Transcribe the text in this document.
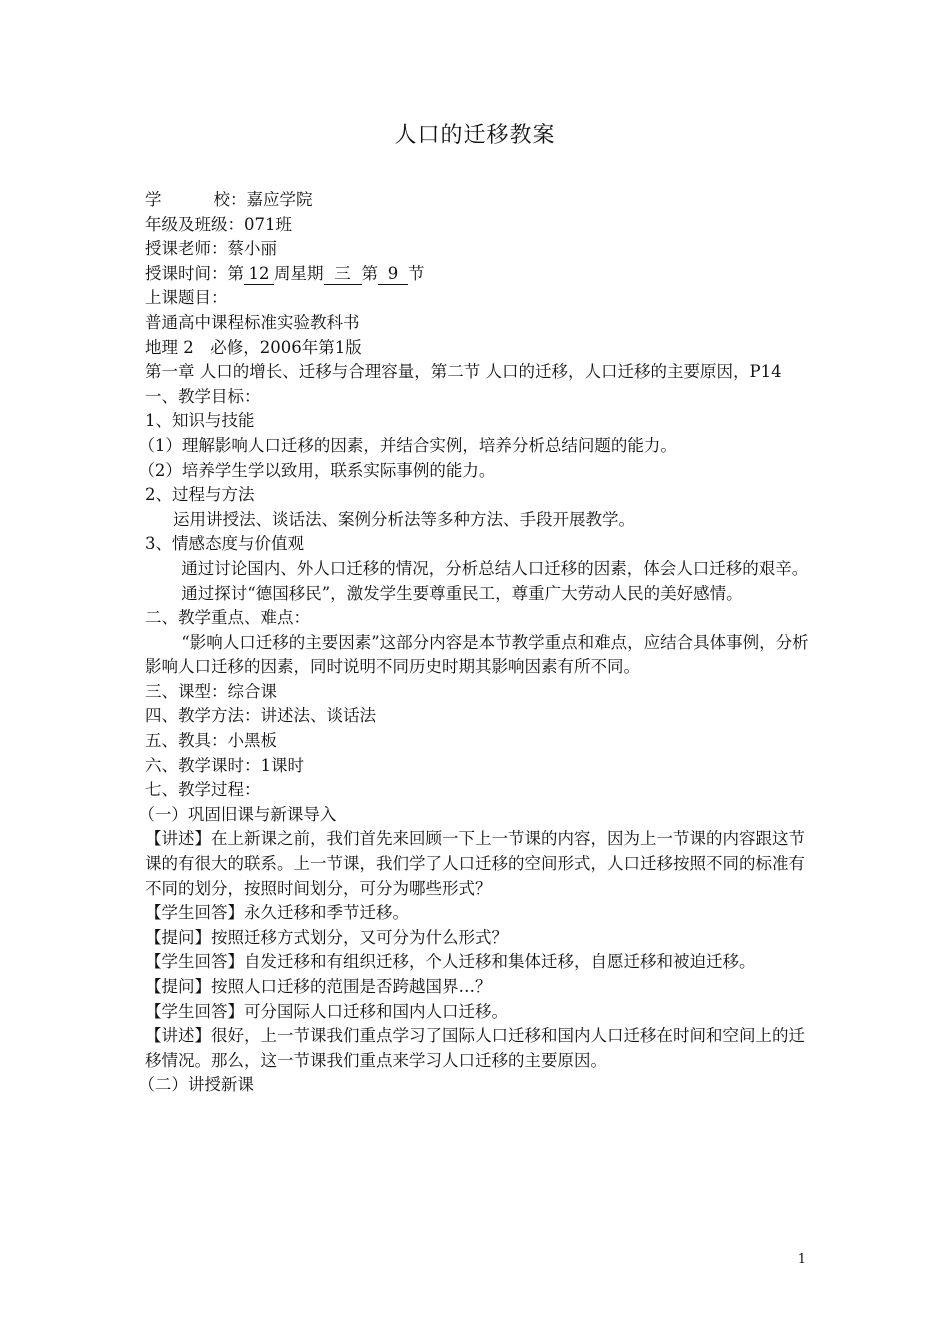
人口的迁移教案

学	校：嘉应学院

年级及班级：071班

授课老师：蔡小丽

授课时间：第 12 周星期 三 第 9 节

上课题目：

普通高中课程标准实验教科书

地理 2　必修，2006年第1版

第一章 人口的增长、迁移与合理容量，第二节 人口的迁移，人口迁移的主要原因，P14

一、教学目标：

1、知识与技能

（1）理解影响人口迁移的因素，并结合实例，培养分析总结问题的能力。

（2）培养学生学以致用，联系实际事例的能力。

2、过程与方法

运用讲授法、谈话法、案例分析法等多种方法、手段开展教学。

3、情感态度与价值观

通过讨论国内、外人口迁移的情况，分析总结人口迁移的因素，体会人口迁移的艰辛。

通过探讨“德国移民”，激发学生要尊重民工，尊重广大劳动人民的美好感情。

二、教学重点、难点：

“影响人口迁移的主要因素”这部分内容是本节教学重点和难点，应结合具体事例，分析影响人口迁移的因素，同时说明不同历史时期其影响因素有所不同。

三、课型：综合课

四、教学方法：讲述法、谈话法

五、教具：小黑板

六、教学课时：1课时

七、教学过程：

（一）巩固旧课与新课导入

【讲述】在上新课之前，我们首先来回顾一下上一节课的内容，因为上一节课的内容跟这节课的有很大的联系。上一节课，我们学了人口迁移的空间形式，人口迁移按照不同的标准有不同的划分，按照时间划分，可分为哪些形式？

【学生回答】永久迁移和季节迁移。

【提问】按照迁移方式划分，又可分为什么形式？

【学生回答】自发迁移和有组织迁移，个人迁移和集体迁移，自愿迁移和被迫迁移。

【提问】按照人口迁移的范围是否跨越国界…？

【学生回答】可分国际人口迁移和国内人口迁移。

【讲述】很好，上一节课我们重点学习了国际人口迁移和国内人口迁移在时间和空间上的迁移情况。那么，这一节课我们重点来学习人口迁移的主要原因。

（二）讲授新课

1
